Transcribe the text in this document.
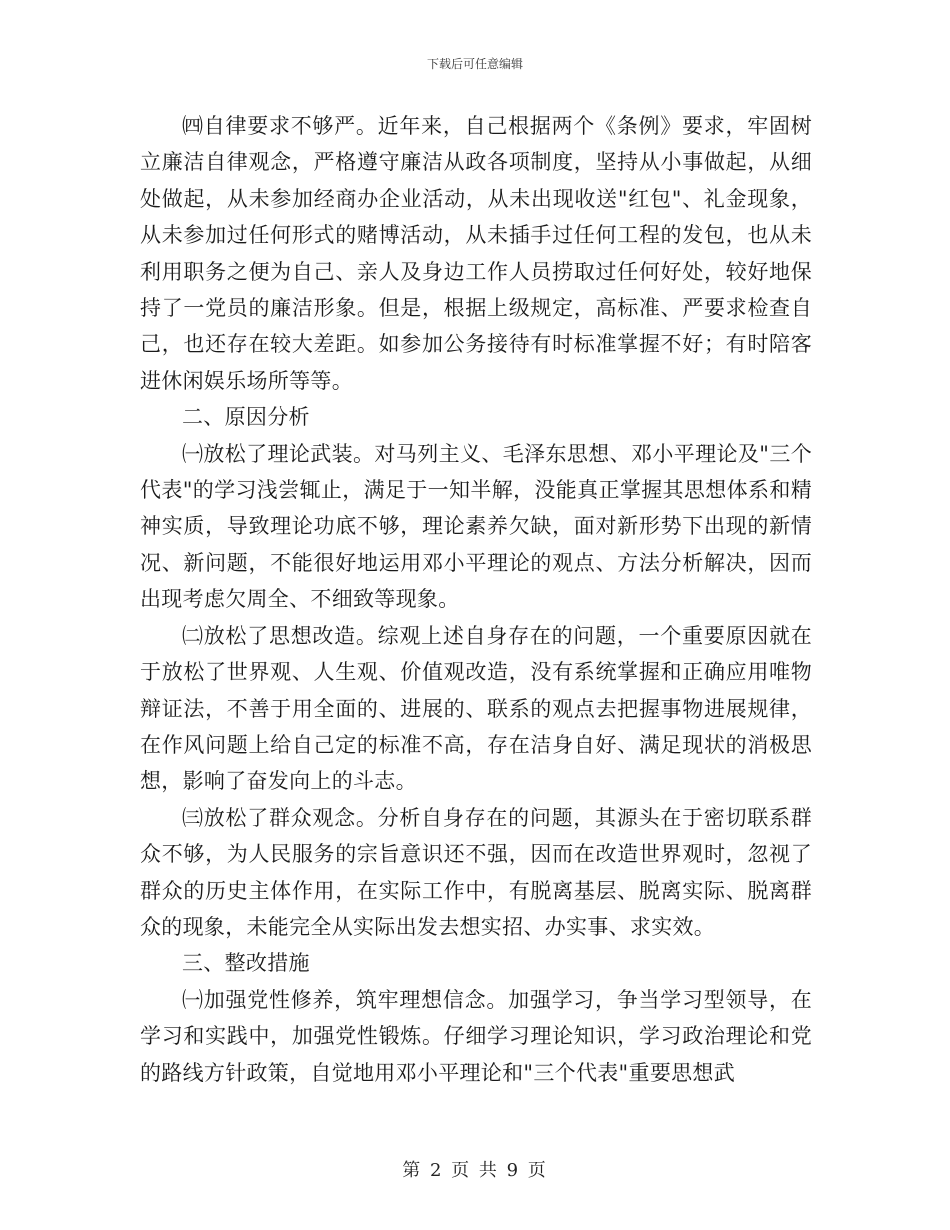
下载后可任意编辑

㈣自律要求不够严。近年来，自己根据两个《条例》要求，牢固树立廉洁自律观念，严格遵守廉洁从政各项制度，坚持从小事做起，从细处做起，从未参加经商办企业活动，从未出现收送"红包"、礼金现象，从未参加过任何形式的赌博活动，从未插手过任何工程的发包，也从未利用职务之便为自己、亲人及身边工作人员捞取过任何好处，较好地保持了一党员的廉洁形象。但是，根据上级规定，高标准、严要求检查自己，也还存在较大差距。如参加公务接待有时标准掌握不好；有时陪客进休闲娱乐场所等等。

二、原因分析

㈠放松了理论武装。对马列主义、毛泽东思想、邓小平理论及"三个代表"的学习浅尝辄止，满足于一知半解，没能真正掌握其思想体系和精神实质，导致理论功底不够，理论素养欠缺，面对新形势下出现的新情况、新问题，不能很好地运用邓小平理论的观点、方法分析解决，因而出现考虑欠周全、不细致等现象。

㈡放松了思想改造。综观上述自身存在的问题，一个重要原因就在于放松了世界观、人生观、价值观改造，没有系统掌握和正确应用唯物辩证法，不善于用全面的、进展的、联系的观点去把握事物进展规律，在作风问题上给自己定的标准不高，存在洁身自好、满足现状的消极思想，影响了奋发向上的斗志。

㈢放松了群众观念。分析自身存在的问题，其源头在于密切联系群众不够，为人民服务的宗旨意识还不强，因而在改造世界观时，忽视了群众的历史主体作用，在实际工作中，有脱离基层、脱离实际、脱离群众的现象，未能完全从实际出发去想实招、办实事、求实效。

三、整改措施

㈠加强党性修养，筑牢理想信念。加强学习，争当学习型领导，在学习和实践中，加强党性锻炼。仔细学习理论知识，学习政治理论和党的路线方针政策，自觉地用邓小平理论和"三个代表"重要思想武

第 2 页 共 9 页
